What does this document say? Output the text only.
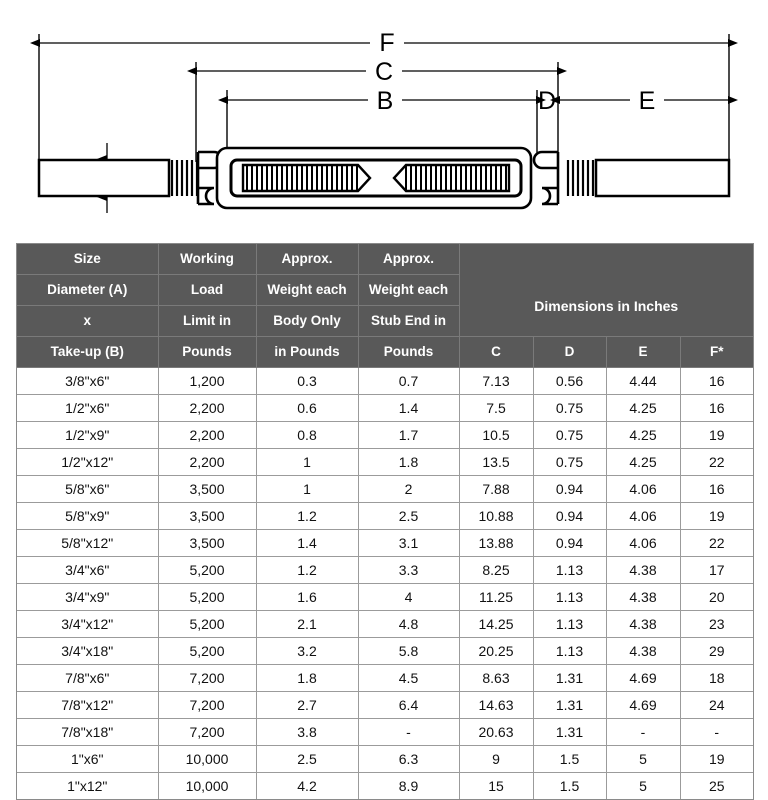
F
C
B	D	E
Size	Working	Approx.	Approx.				
Diameter (A)	Load	Weight each	Weight each	Dimensions in Inches			
x	Limit in	Body Only	Stub End in				
Take-up (B)	Pounds	in Pounds	Pounds	C	D	E	F*
3/8"x6"	1,200	0.3	0.7	7.13	0.56	4.44	16
1/2"x6"	2,200	0.6	1.4	7.5	0.75	4.25	16
1/2"x9"	2,200	0.8	1.7	10.5	0.75	4.25	19
1/2"x12"	2,200	1	1.8	13.5	0.75	4.25	22
5/8"x6"	3,500	1	2	7.88	0.94	4.06	16
5/8"x9"	3,500	1.2	2.5	10.88	0.94	4.06	19
5/8"x12"	3,500	1.4	3.1	13.88	0.94	4.06	22
3/4"x6"	5,200	1.2	3.3	8.25	1.13	4.38	17
3/4"x9"	5,200	1.6	4	11.25	1.13	4.38	20
3/4"x12"	5,200	2.1	4.8	14.25	1.13	4.38	23
3/4"x18"	5,200	3.2	5.8	20.25	1.13	4.38	29
7/8"x6"	7,200	1.8	4.5	8.63	1.31	4.69	18
7/8"x12"	7,200	2.7	6.4	14.63	1.31	4.69	24
7/8"x18"	7,200	3.8	-	20.63	1.31	-	-
1"x6"	10,000	2.5	6.3	9	1.5	5	19
1"x12"	10,000	4.2	8.9	15	1.5	5	25
